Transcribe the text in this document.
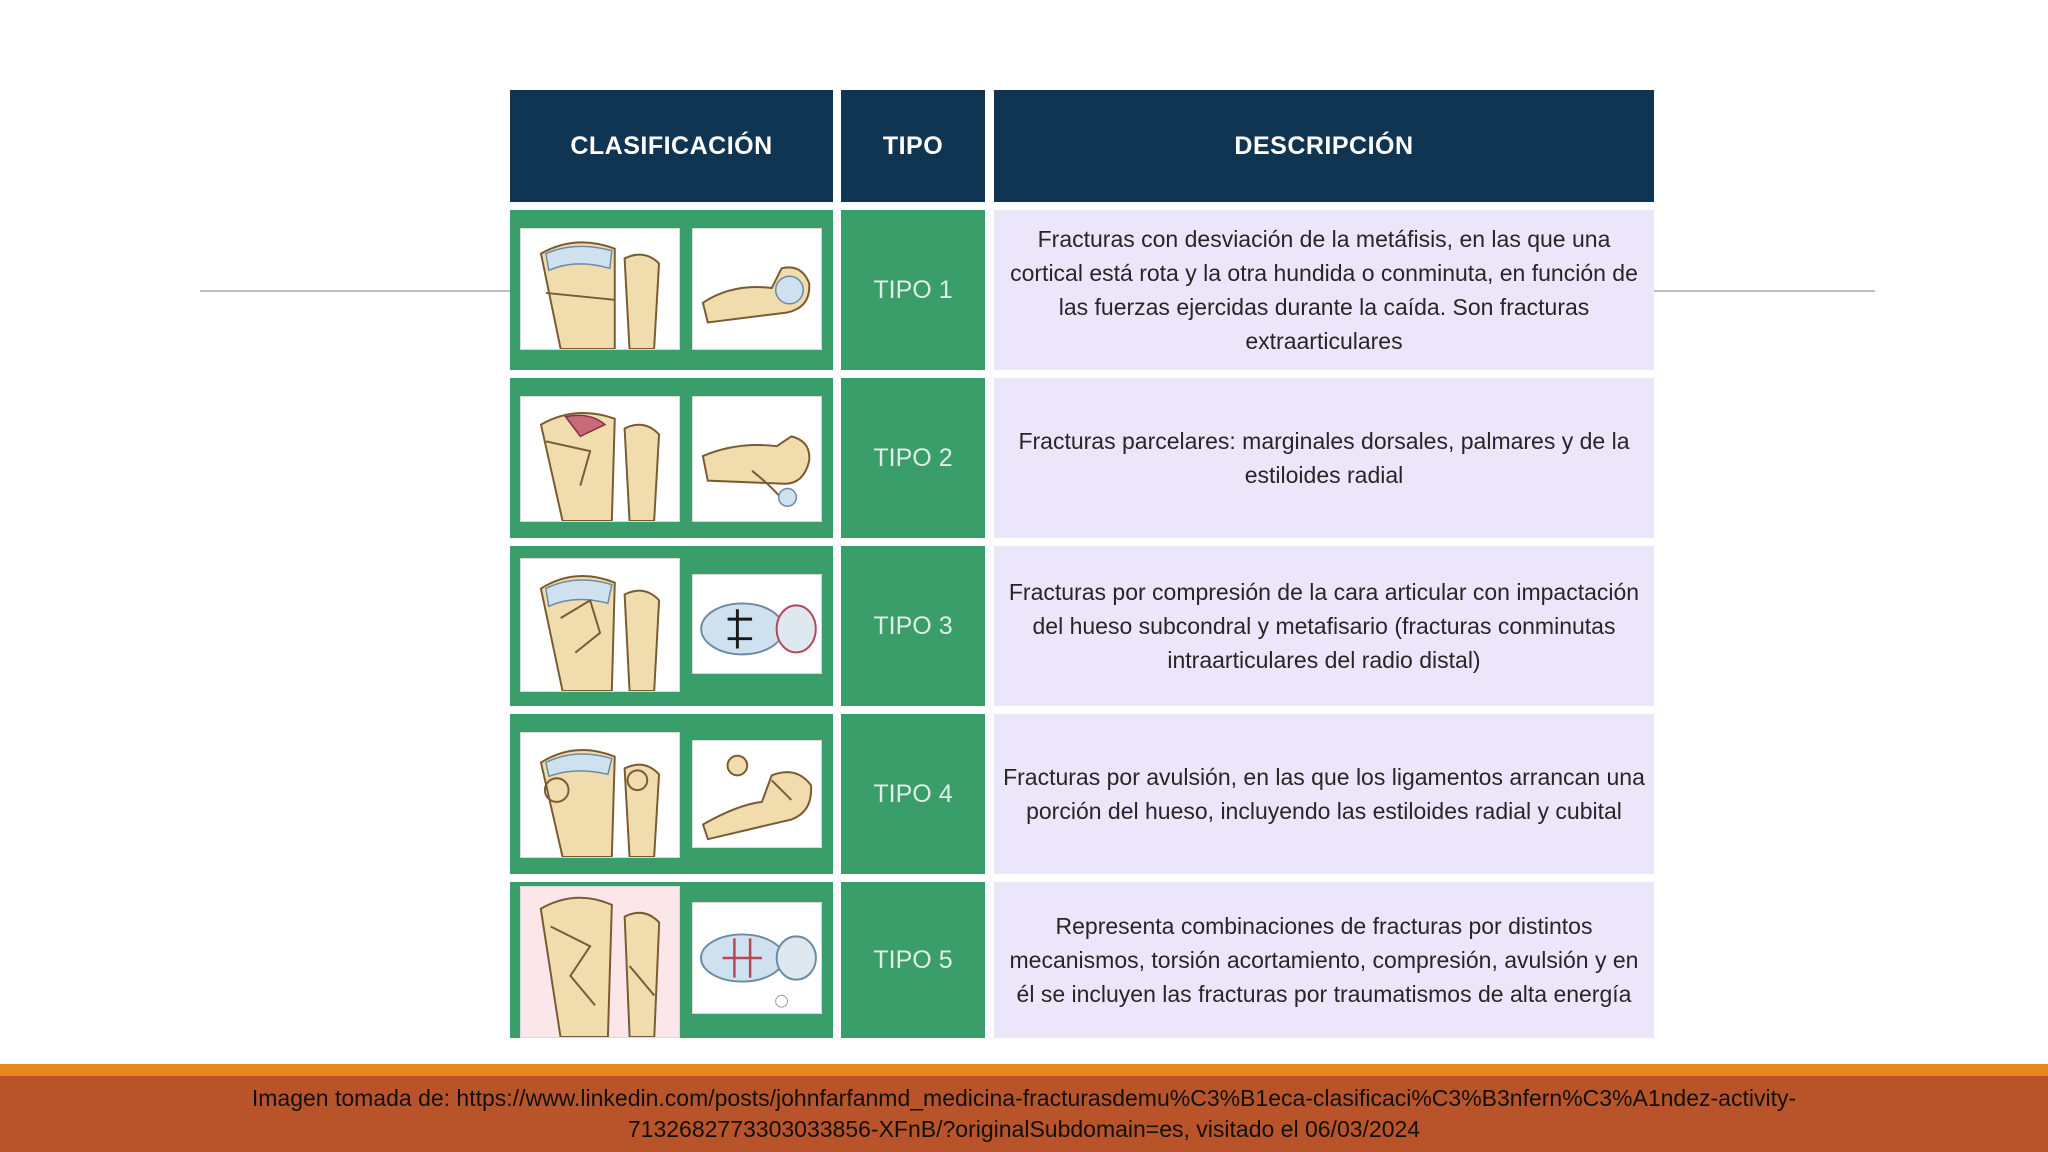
CLASIFICACIÓN	TIPO	DESCRIPCIÓN
TIPO 1
Fracturas con desviación de la metáfisis, en las que una cortical está rota y la otra hundida o conminuta, en función de las fuerzas ejercidas durante la caída. Son fracturas extraarticulares
TIPO 2
Fracturas parcelares: marginales dorsales, palmares y de la estiloides radial
TIPO 3
Fracturas por compresión de la cara articular con impactación del hueso subcondral y metafisario (fracturas conminutas intraarticulares del radio distal)
TIPO 4
Fracturas por avulsión, en las que los ligamentos arrancan una porción del hueso, incluyendo las estiloides radial y cubital
TIPO 5
Representa combinaciones de fracturas por distintos mecanismos, torsión acortamiento, compresión, avulsión y en él se incluyen las fracturas por traumatismos de alta energía
Imagen tomada de: https://www.linkedin.com/posts/johnfarfanmd_medicina-fracturasdemu%C3%B1eca-clasificaci%C3%B3nfern%C3%A1ndez-activity-
7132682773303033856-XFnB/?originalSubdomain=es, visitado el 06/03/2024
